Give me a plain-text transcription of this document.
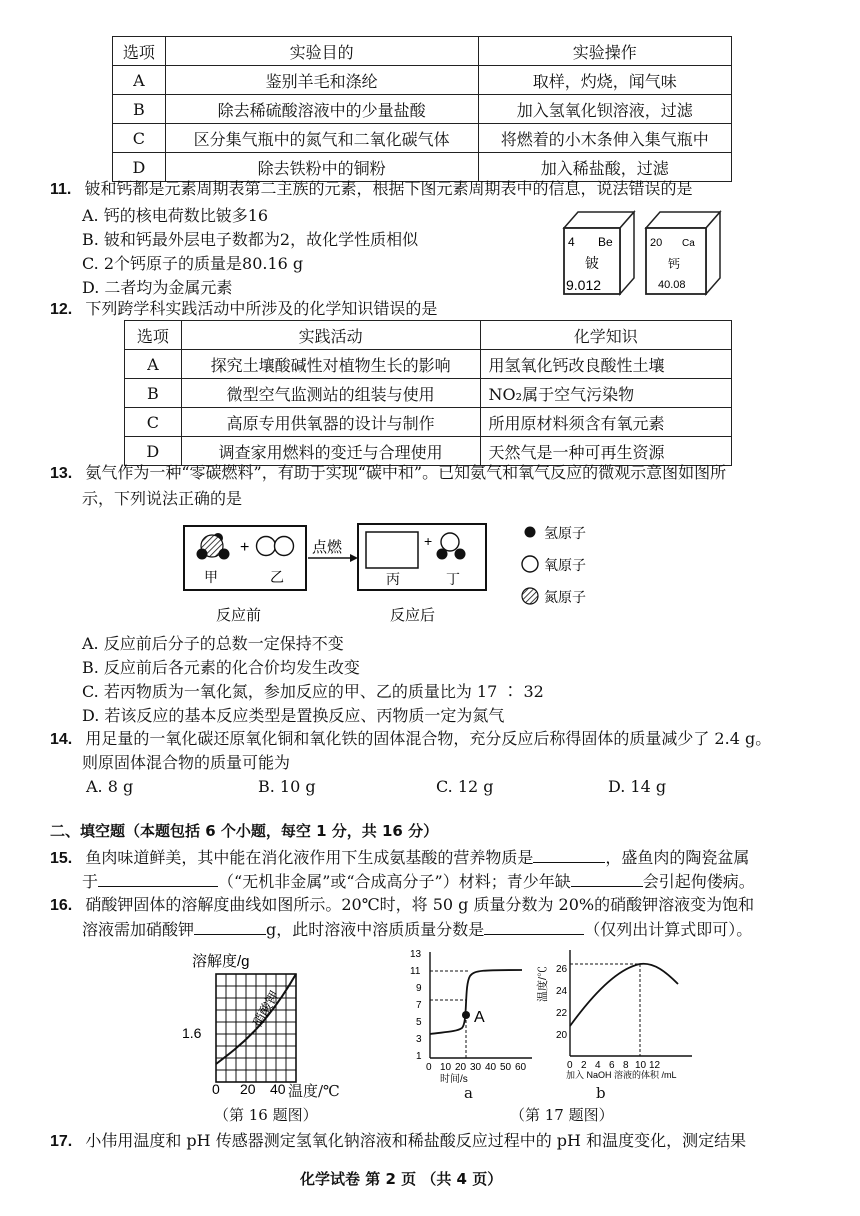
选项	实验目的	实验操作
A	鉴别羊毛和涤纶	取样，灼烧，闻气味
B	除去稀硫酸溶液中的少量盐酸	加入氢氧化钡溶液，过滤
C	区分集气瓶中的氮气和二氧化碳气体	将燃着的小木条伸入集气瓶中
D	除去铁粉中的铜粉	加入稀盐酸，过滤
11. 铍和钙都是元素周期表第二主族的元素，根据下图元素周期表中的信息，说法错误的是
A. 钙的核电荷数比铍多16
B. 铍和钙最外层电子数都为2，故化学性质相似
C. 2个钙原子的质量是80.16 g
D. 二者均为金属元素
4 Be
铍
9.012
20 Ca
钙
40.08
12. 下列跨学科实践活动中所涉及的化学知识错误的是
选项	实践活动	化学知识
A	探究土壤酸碱性对植物生长的影响	用氢氧化钙改良酸性土壤
B	微型空气监测站的组装与使用	NO₂属于空气污染物
C	高原专用供氧器的设计与制作	所用原材料须含有氧元素
D	调查家用燃料的变迁与合理使用	天然气是一种可再生资源
13. 氨气作为一种“零碳燃料”，有助于实现“碳中和”。已知氨气和氧气反应的微观示意图如图所
示，下列说法正确的是
+
甲	乙
反应前
点燃	+
丙	丁
反应后
氢原子
氧原子
氮原子
A. 反应前后分子的总数一定保持不变
B. 反应前后各元素的化合价均发生改变
C. 若丙物质为一氧化氮，参加反应的甲、乙的质量比为 17 ∶ 32
D. 若该反应的基本反应类型是置换反应、丙物质一定为氮气
14. 用足量的一氧化碳还原氧化铜和氧化铁的固体混合物，充分反应后称得固体的质量减少了 2.4 g。
则原固体混合物的质量可能为
A. 8 g	B. 10 g	C. 12 g	D. 14 g
二、填空题（本题包括 6 个小题，每空 1 分，共 16 分）
15. 鱼肉味道鲜美，其中能在消化液作用下生成氨基酸的营养物质是	，盛鱼肉的陶瓷盆属
于	（“无机非金属”或“合成高分子”）材料；青少年缺	会引起佝偻病。
16. 硝酸钾固体的溶解度曲线如图所示。20℃时，将 50 g 质量分数为 20%的硝酸钾溶液变为饱和
溶液需加硝酸钾	g，此时溶液中溶质质量分数是	（仅列出计算式即可）。
溶解度/g
硝酸钾
1.6
0 20 40 温度/℃
（第 16 题图）
1
3
5
7
9
11
13
0 10 20 30 40 50 60
A
时间/s
a
温度/℃
20
22
24
26
0 2 4 6 8 10 12
加入 NaOH 溶液的体积 /mL
b
（第 17 题图）
17. 小伟用温度和 pH 传感器测定氢氧化钠溶液和稀盐酸反应过程中的 pH 和温度变化，测定结果
化学试卷 第 2 页 （共 4 页）
